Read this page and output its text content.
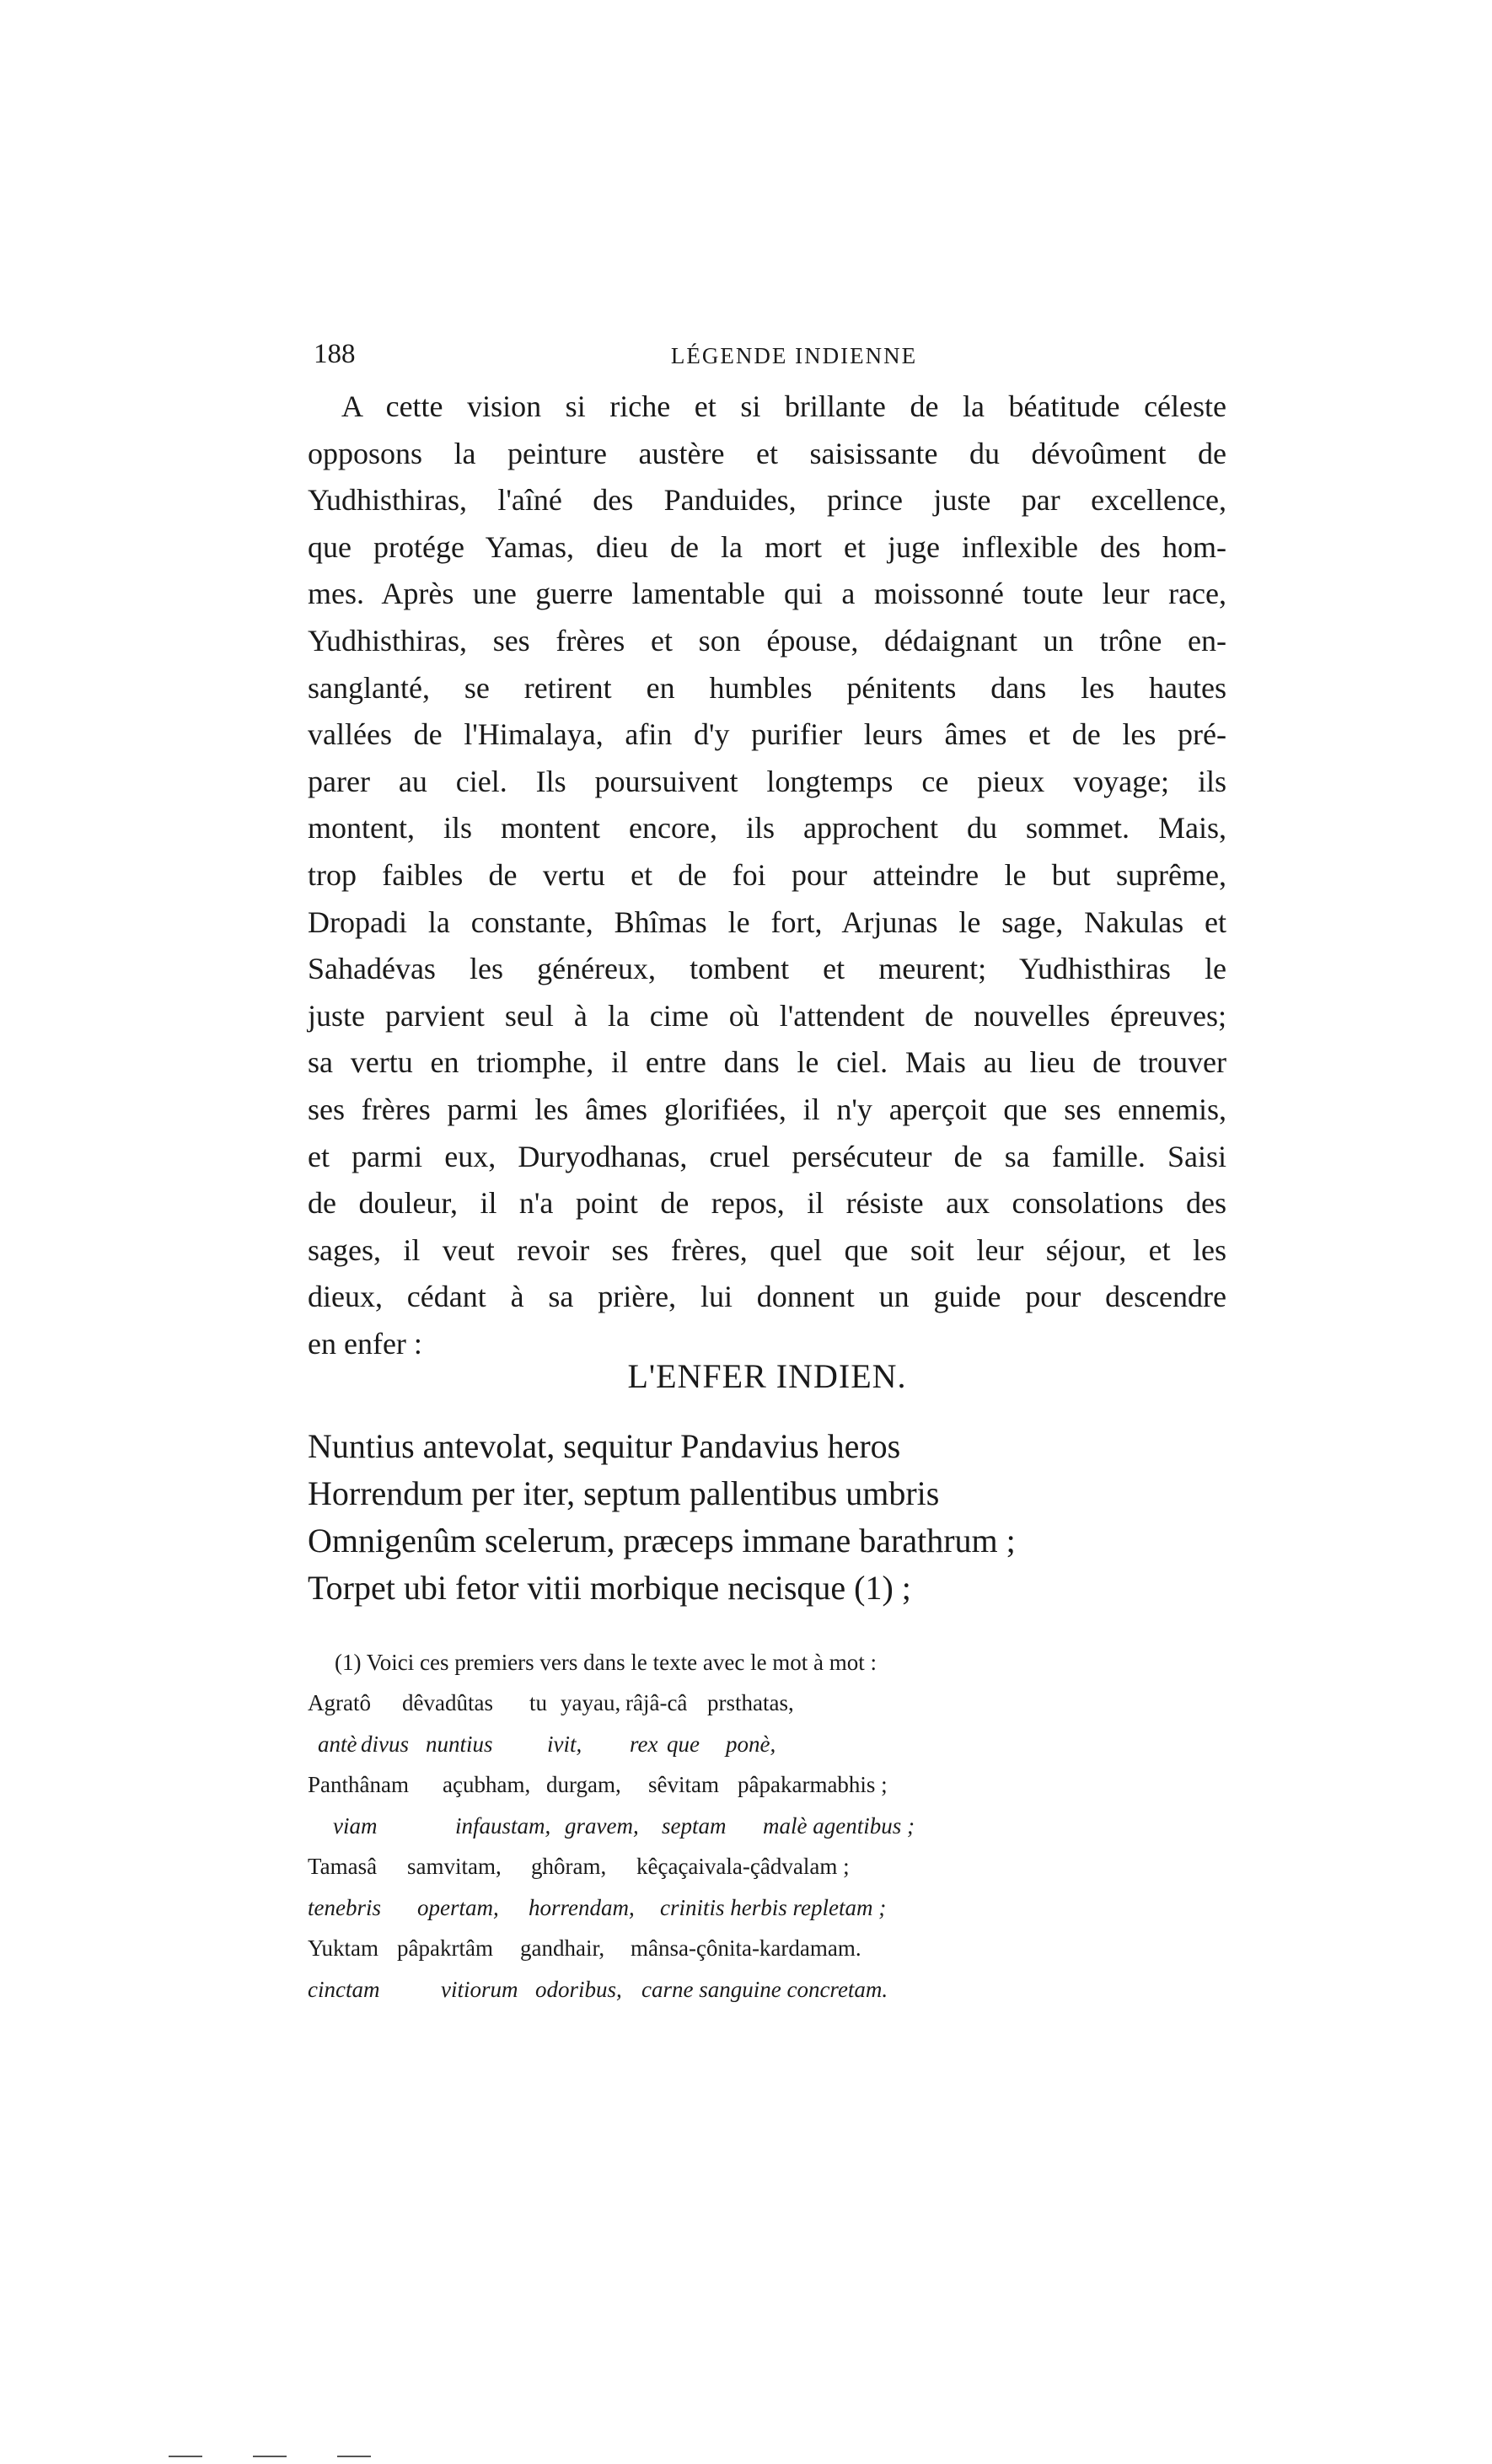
188	LÉGENDE INDIENNE
A cette vision si riche et si brillante de la béatitude céleste
opposons la peinture austère et saisissante du dévoûment de
Yudhisthiras, l'aîné des Panduides, prince juste par excellence,
que protége Yamas, dieu de la mort et juge inflexible des hom-
mes. Après une guerre lamentable qui a moissonné toute leur race,
Yudhisthiras, ses frères et son épouse, dédaignant un trône en-
sanglanté, se retirent en humbles pénitents dans les hautes
vallées de l'Himalaya, afin d'y purifier leurs âmes et de les pré-
parer au ciel. Ils poursuivent longtemps ce pieux voyage; ils
montent, ils montent encore, ils approchent du sommet. Mais,
trop faibles de vertu et de foi pour atteindre le but suprême,
Dropadi la constante, Bhîmas le fort, Arjunas le sage, Nakulas et
Sahadévas les généreux, tombent et meurent; Yudhisthiras le
juste parvient seul à la cime où l'attendent de nouvelles épreuves;
sa vertu en triomphe, il entre dans le ciel. Mais au lieu de trouver
ses frères parmi les âmes glorifiées, il n'y aperçoit que ses ennemis,
et parmi eux, Duryodhanas, cruel persécuteur de sa famille. Saisi
de douleur, il n'a point de repos, il résiste aux consolations des
sages, il veut revoir ses frères, quel que soit leur séjour, et les
dieux, cédant à sa prière, lui donnent un guide pour descendre
en enfer :
L'ENFER INDIEN.
Nuntius antevolat, sequitur Pandavius heros
Horrendum per iter, septum pallentibus umbris
Omnigenûm scelerum, præceps immane barathrum ;
Torpet ubi fetor vitii morbique necisque (1) ;
(1) Voici ces premiers vers dans le texte avec le mot à mot :
Agratô dêvadûtas tu yayau, râjâ-câ prsthatas,
antè divus nuntius ivit, rex que ponè,
Panthânam açubham, durgam, sêvitam pâpakarmabhis ;
viam	infaustam, gravem, septam malè agentibus ;
Tamasâ samvitam, ghôram, kêçaçaivala-çâdvalam ;
tenebris opertam, horrendam, crinitis herbis repletam ;
Yuktam pâpakrtâm gandhair, mânsa-çônita-kardamam.
cinctam	vitiorum odoribus, carne sanguine concretam.
